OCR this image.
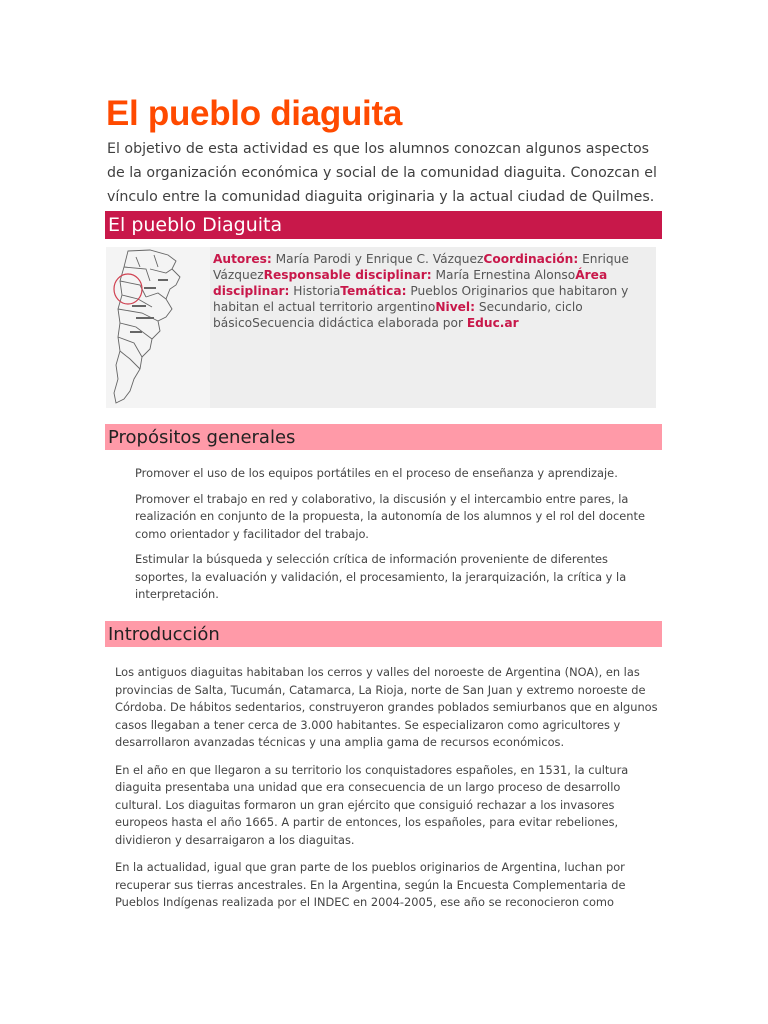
El pueblo diaguita

El objetivo de esta actividad es que los alumnos conozcan algunos aspectos de la organización económica y social de la comunidad diaguita. Conozcan el vínculo entre la comunidad diaguita originaria y la actual ciudad de Quilmes.

El pueblo Diaguita

Autores: María Parodi y Enrique C. VázquezCoordinación: Enrique VázquezResponsable disciplinar: María Ernestina AlonsoÁrea disciplinar: HistoriaTemática: Pueblos Originarios que habitaron y habitan el actual territorio argentinoNivel: Secundario, ciclo básicoSecuencia didáctica elaborada por Educ.ar

Propósitos generales

Promover el uso de los equipos portátiles en el proceso de enseñanza y aprendizaje.

Promover el trabajo en red y colaborativo, la discusión y el intercambio entre pares, la realización en conjunto de la propuesta, la autonomía de los alumnos y el rol del docente como orientador y facilitador del trabajo.

Estimular la búsqueda y selección crítica de información proveniente de diferentes soportes, la evaluación y validación, el procesamiento, la jerarquización, la crítica y la interpretación.

Introducción

Los antiguos diaguitas habitaban los cerros y valles del noroeste de Argentina (NOA), en las provincias de Salta, Tucumán, Catamarca, La Rioja, norte de San Juan y extremo noroeste de Córdoba. De hábitos sedentarios, construyeron grandes poblados semiurbanos que en algunos casos llegaban a tener cerca de 3.000 habitantes. Se especializaron como agricultores y desarrollaron avanzadas técnicas y una amplia gama de recursos económicos.

En el año en que llegaron a su territorio los conquistadores españoles, en 1531, la cultura diaguita presentaba una unidad que era consecuencia de un largo proceso de desarrollo cultural. Los diaguitas formaron un gran ejército que consiguió rechazar a los invasores europeos hasta el año 1665. A partir de entonces, los españoles, para evitar rebeliones, dividieron y desarraigaron a los diaguitas.

En la actualidad, igual que gran parte de los pueblos originarios de Argentina, luchan por recuperar sus tierras ancestrales. En la Argentina, según la Encuesta Complementaria de Pueblos Indígenas realizada por el INDEC en 2004-2005, ese año se reconocieron como
